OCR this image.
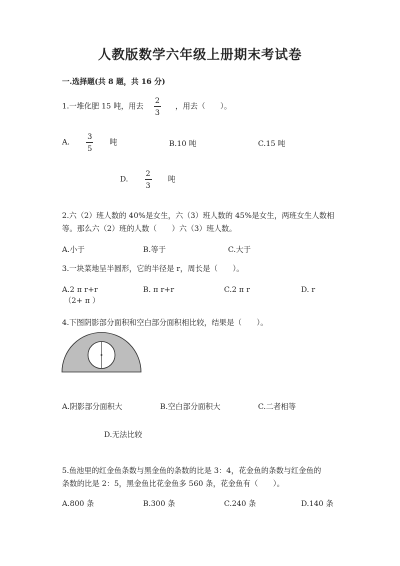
人教版数学六年级上册期末考试卷
一.选择题(共 8 题，共 16 分)
1.一堆化肥 15 吨，用去 $\frac{2}{3}$ ，用去（　　）。
A. $\frac{3}{5}$ 吨	B.10 吨	C.15 吨
D. $\frac{2}{3}$ 吨
2.六（2）班人数的 40%是女生，六（3）班人数的 45%是女生，两班女生人数相
等。那么六（2）班的人数（　　）六（3）班人数。
A.小于	B.等于	C.大于
3.一块菜地呈半圆形，它的半径是 r，周长是（　　）。
A.2 π r+r
（2+ π ）
B. π r+r	C.2 π r	D. r
4.下图阴影部分面积和空白部分面积相比较，结果是（　　）。
A.阴影部分面积大	B.空白部分面积大	C.二者相等
D.无法比较
5.鱼池里的红金鱼条数与黑金鱼的条数的比是 3：4，花金鱼的条数与红金鱼的
条数的比是 2：5，黑金鱼比花金鱼多 560 条，花金鱼有（　　）。
A.800 条	B.300 条	C.240 条	D.140 条
